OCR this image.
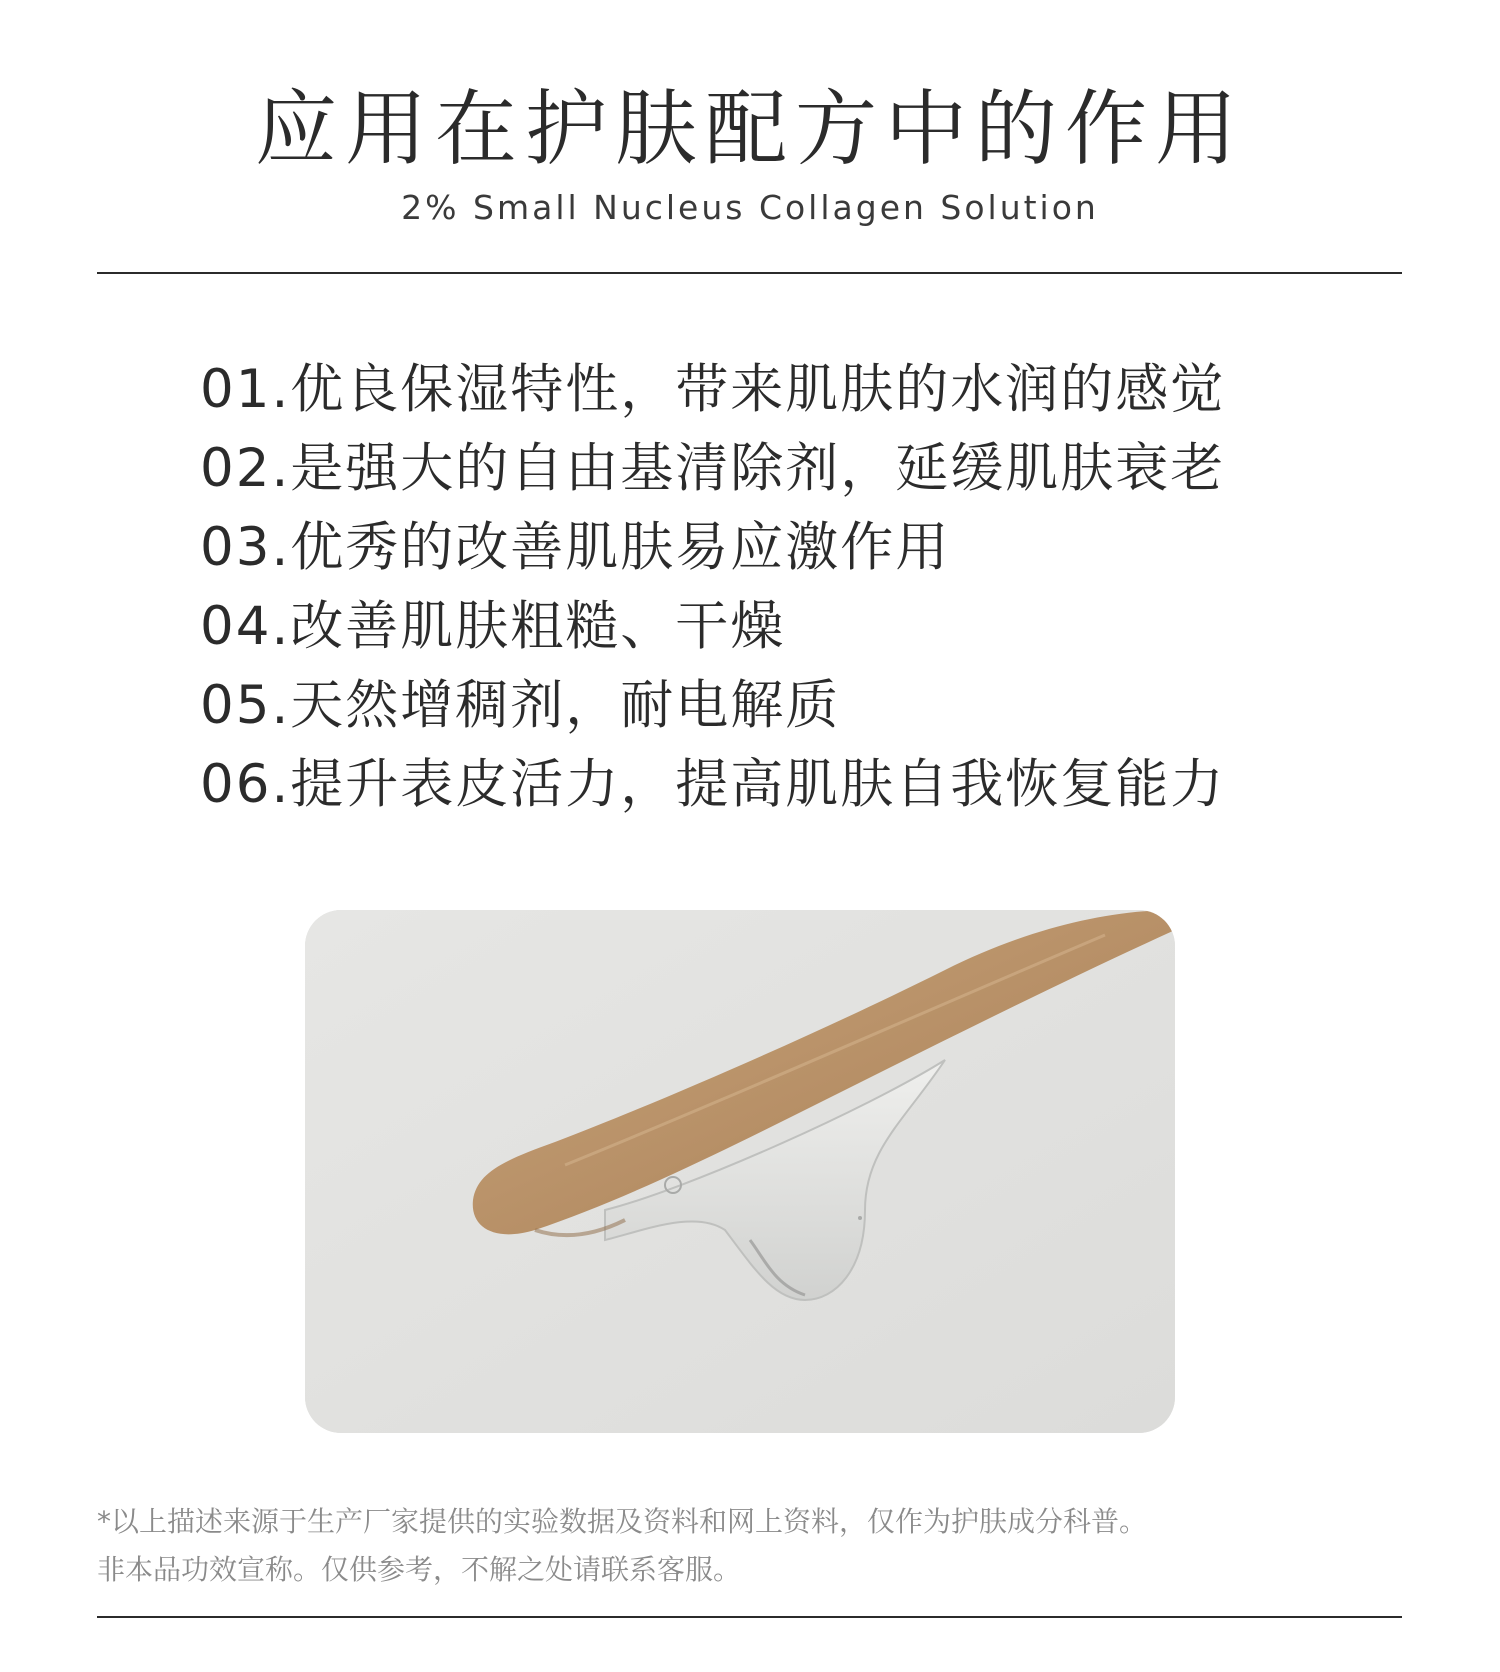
应用在护肤配方中的作用
2% Small Nucleus Collagen Solution
01.优良保湿特性，带来肌肤的水润的感觉
02.是强大的自由基清除剂，延缓肌肤衰老
03.优秀的改善肌肤易应激作用
04.改善肌肤粗糙、干燥
05.天然增稠剂，耐电解质
06.提升表皮活力，提高肌肤自我恢复能力

*以上描述来源于生产厂家提供的实验数据及资料和网上资料，仅作为护肤成分科普。

非本品功效宣称。仅供参考，不解之处请联系客服。
